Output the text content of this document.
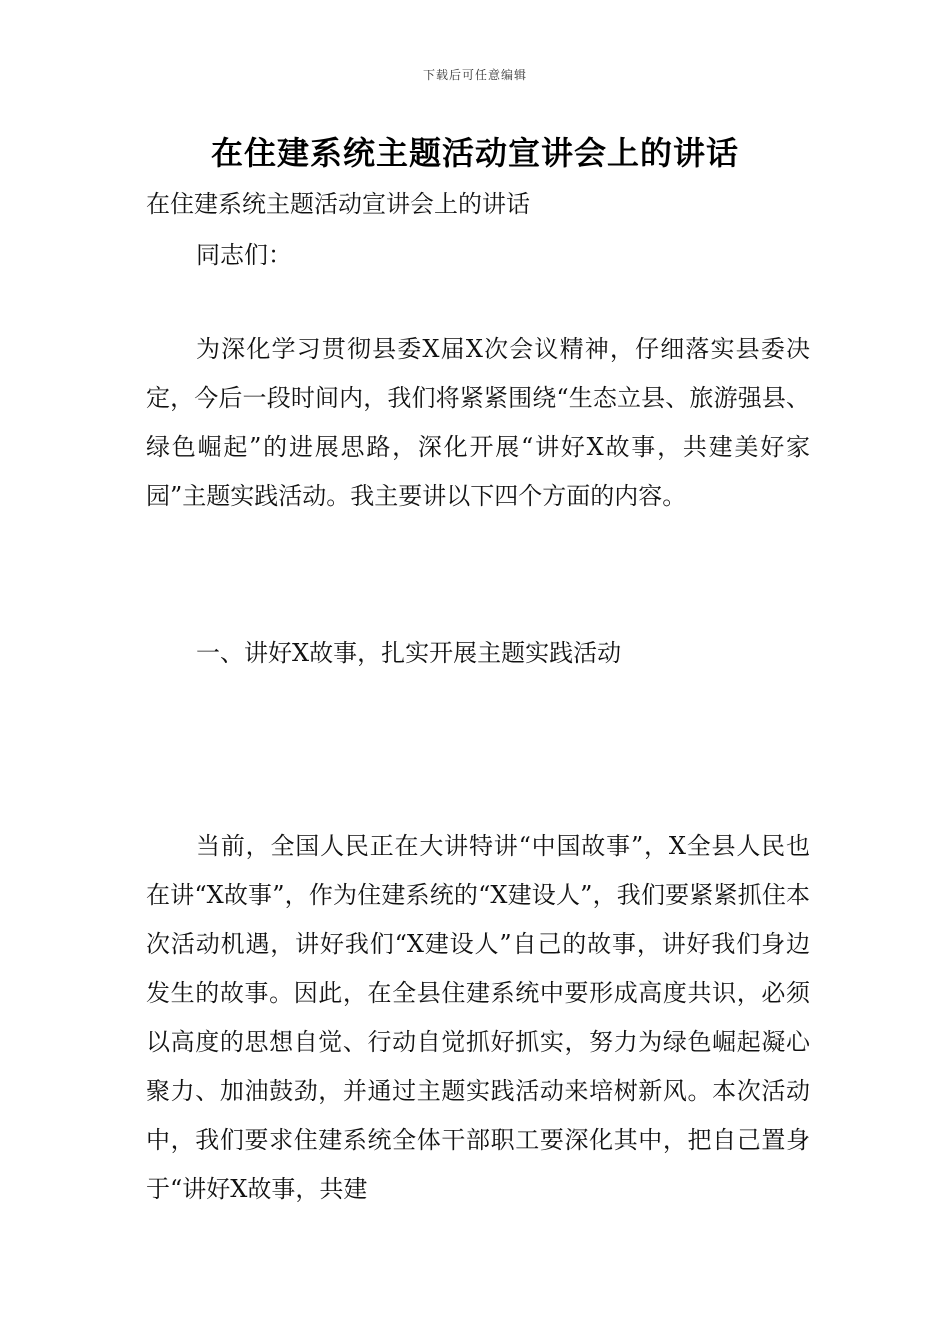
下载后可任意编辑
在住建系统主题活动宣讲会上的讲话
在住建系统主题活动宣讲会上的讲话
同志们：

为深化学习贯彻县委X届X次会议精神，仔细落实县委决定，今后一段时间内，我们将紧紧围绕“生态立县、旅游强县、绿色崛起”的进展思路，深化开展“讲好X故事，共建美好家园”主题实践活动。我主要讲以下四个方面的内容。

一、讲好X故事，扎实开展主题实践活动

当前，全国人民正在大讲特讲“中国故事”，X全县人民也在讲“X故事”，作为住建系统的“X建设人”，我们要紧紧抓住本次活动机遇，讲好我们“X建设人”自己的故事，讲好我们身边发生的故事。因此，在全县住建系统中要形成高度共识，必须以高度的思想自觉、行动自觉抓好抓实，努力为绿色崛起凝心聚力、加油鼓劲，并通过主题实践活动来培树新风。本次活动中，我们要求住建系统全体干部职工要深化其中，把自己置身于“讲好X故事，共建
